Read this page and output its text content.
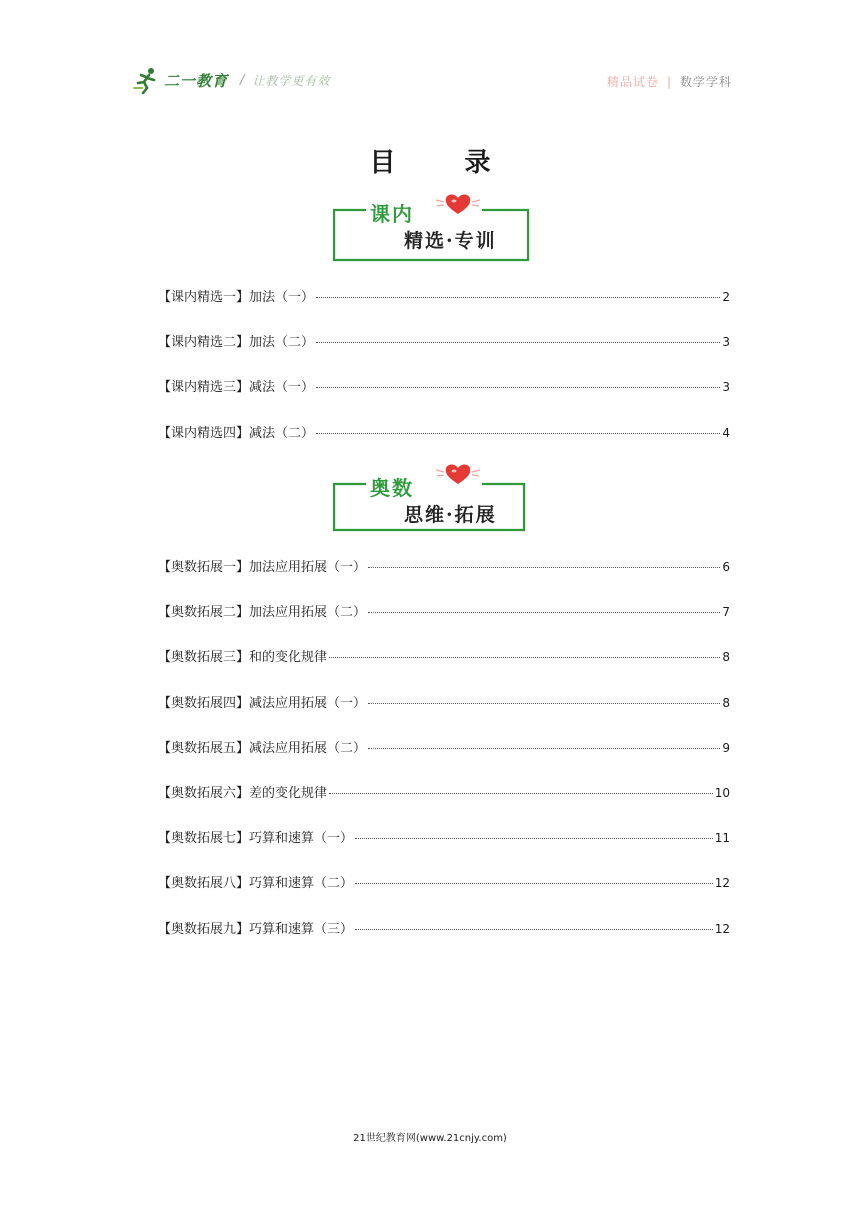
二一教育 / 让教学更有效	精品试卷 | 数学学科
目 录
课内
精选·专训
【课内精选一】加法（一）	2
【课内精选二】加法（二）	3
【课内精选三】减法（一）	3
【课内精选四】减法（二）	4
奥数
思维·拓展
【奥数拓展一】加法应用拓展（一）	6
【奥数拓展二】加法应用拓展（二）	7
【奥数拓展三】和的变化规律	8
【奥数拓展四】减法应用拓展（一）	8
【奥数拓展五】减法应用拓展（二）	9
【奥数拓展六】差的变化规律	10
【奥数拓展七】巧算和速算（一）	11
【奥数拓展八】巧算和速算（二）	12
【奥数拓展九】巧算和速算（三）	12
21世纪教育网(www.21cnjy.com)
